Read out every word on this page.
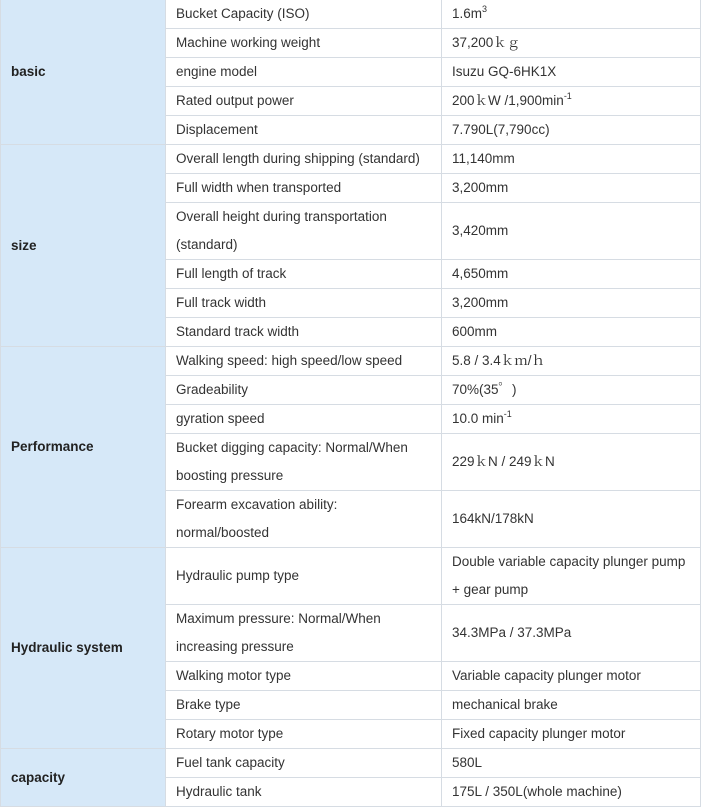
basic	Bucket Capacity (ISO)	$1.6m^3$
	Machine working weight	37,200ｋｇ
	engine model	Isuzu GQ-6HK1X
	Rated output power	200ｋW $/1,900\min^{-1}$
	Displacement	7.790L(7,790cc)
size	Overall length during shipping (standard)	11,140mm
	Full width when transported	3,200mm
	Overall height during transportation (standard)	3,420mm
	Full length of track	4,650mm
	Full track width	3,200mm
	Standard track width	600mm
Performance	Walking speed: high speed/low speed	5.8 / 3.4ｋｍ/ｈ
	Gradeability	70%(35゜)
	gyration speed	10.0 $\min^{-1}$
	Bucket digging capacity: Normal/When boosting pressure	229ｋN / 249ｋN
	Forearm excavation ability: normal/boosted	164kN/178kN
Hydraulic system	Hydraulic pump type	Double variable capacity plunger pump + gear pump
	Maximum pressure: Normal/When increasing pressure	34.3MPa / 37.3MPa
	Walking motor type	Variable capacity plunger motor
	Brake type	mechanical brake
	Rotary motor type	Fixed capacity plunger motor
capacity	Fuel tank capacity	580L
	Hydraulic tank	175L / 350L(whole machine)
